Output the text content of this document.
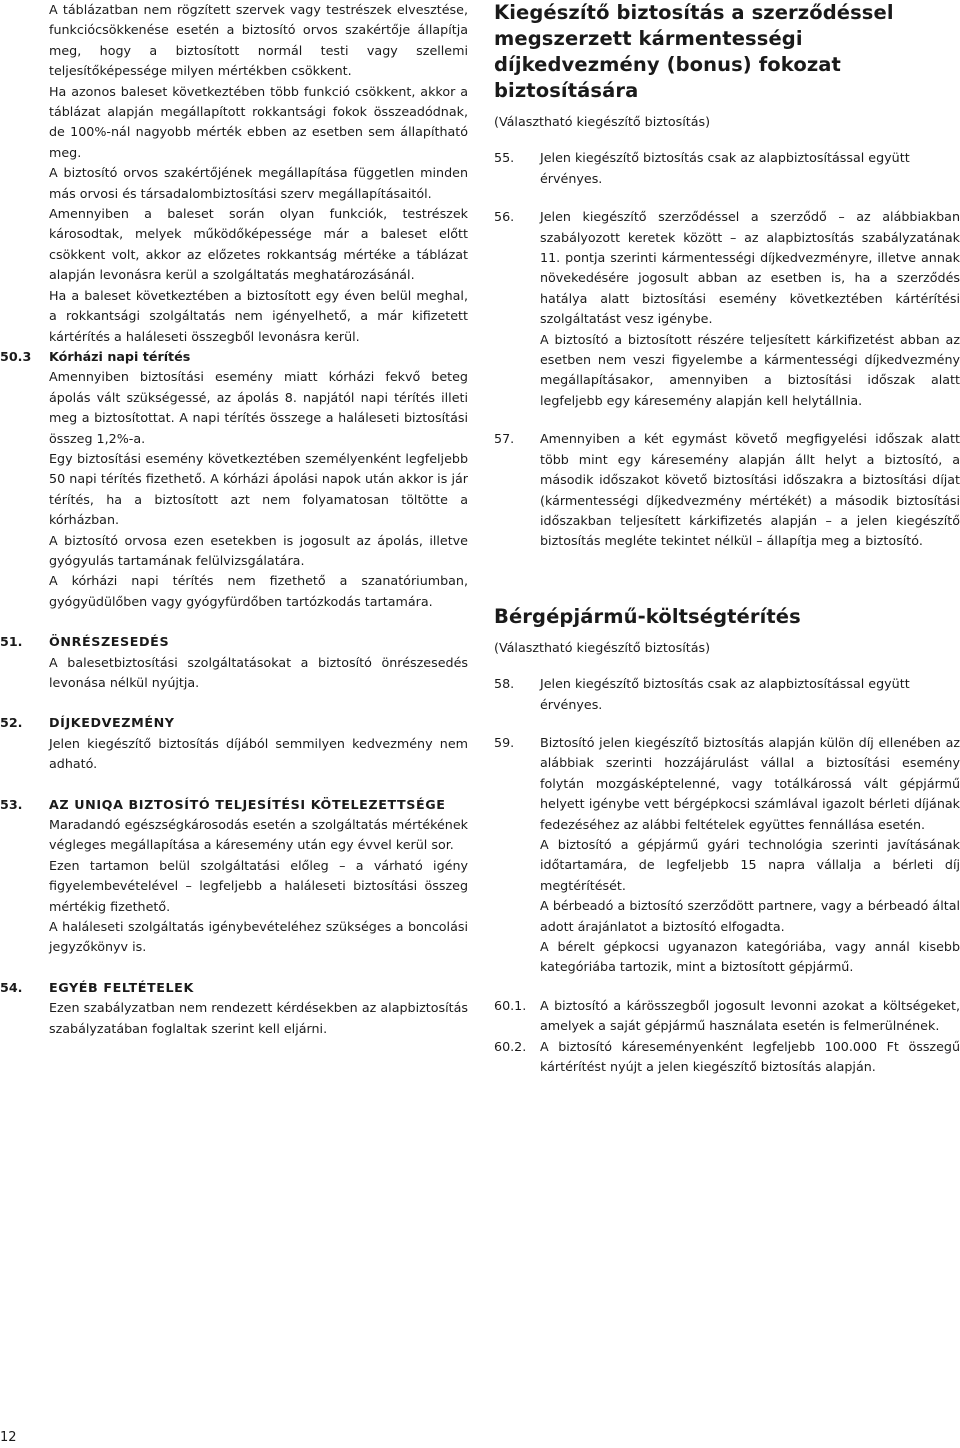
A táblázatban nem rögzített szervek vagy testrészek elvesztése, funkciócsökkenése esetén a biztosító orvos szakértője állapítja meg, hogy a biztosított normál testi vagy szellemi teljesítőképessége milyen mértékben csökkent.

Ha azonos baleset következtében több funkció csökkent, akkor a táblázat alapján megállapított rokkantsági fokok összeadódnak, de 100%-nál nagyobb mérték ebben az esetben sem állapítható meg.

A biztosító orvos szakértőjének megállapítása független minden más orvosi és társadalombiztosítási szerv megállapításaitól.

Amennyiben a baleset során olyan funkciók, testrészek károsodtak, melyek működőképessége már a baleset előtt csökkent volt, akkor az előzetes rokkantság mértéke a táblázat alapján levonásra kerül a szolgáltatás meghatározásánál.

Ha a baleset következtében a biztosított egy éven belül meghal, a rokkantsági szolgáltatás nem igényelhető, a már kifizetett kártérítés a haláleseti összegből levonásra kerül.

50.3	Kórházi napi térítés

Amennyiben biztosítási esemény miatt kórházi fekvő beteg ápolás vált szükségessé, az ápolás 8. napjától napi térítés illeti meg a biztosítottat. A napi térítés összege a haláleseti biztosítási összeg 1,2%-a.

Egy biztosítási esemény következtében személyenként legfeljebb 50 napi térítés fizethető. A kórházi ápolási napok után akkor is jár térítés, ha a biztosított azt nem folyamatosan töltötte a kórházban.

A biztosító orvosa ezen esetekben is jogosult az ápolás, illetve gyógyulás tartamának felülvizsgálatára.

A kórházi napi térítés nem fizethető a szanatóriumban, gyógyüdülőben vagy gyógyfürdőben tartózkodás tartamára.

51.	ÖNRÉSZESEDÉS

A balesetbiztosítási szolgáltatásokat a biztosító önrészesedés levonása nélkül nyújtja.

52.	DÍJKEDVEZMÉNY

Jelen kiegészítő biztosítás díjából semmilyen kedvezmény nem adható.

53.	AZ UNIQA BIZTOSÍTÓ TELJESÍTÉSI KÖTELEZETTSÉGE

Maradandó egészségkárosodás esetén a szolgáltatás mértékének végleges megállapítása a káresemény után egy évvel kerül sor.

Ezen tartamon belül szolgáltatási előleg – a várható igény figyelembevételével – legfeljebb a haláleseti biztosítási összeg mértékig fizethető.

A haláleseti szolgáltatás igénybevételéhez szükséges a boncolási jegyzőkönyv is.

54.	EGYÉB FELTÉTELEK

Ezen szabályzatban nem rendezett kérdésekben az alapbiztosítás szabályzatában foglaltak szerint kell eljárni.

Kiegészítő biztosítás a szerződéssel megszerzett kármentességi díjkedvezmény (bonus) fokozat biztosítására

(Választható kiegészítő biztosítás)

55.	Jelen kiegészítő biztosítás csak az alapbiztosítással együtt érvényes.

56.	Jelen kiegészítő szerződéssel a szerződő – az alábbiakban szabályozott keretek között – az alapbiztosítás szabályzatának 11. pontja szerinti kármentességi díjkedvezményre, illetve annak növekedésére jogosult abban az esetben is, ha a szerződés hatálya alatt biztosítási esemény következtében kártérítési szolgáltatást vesz igénybe.

A biztosító a biztosított részére teljesített kárkifizetést abban az esetben nem veszi figyelembe a kármentességi díjkedvezmény megállapításakor, amennyiben a biztosítási időszak alatt legfeljebb egy káresemény alapján kell helytállnia.

57.	Amennyiben a két egymást követő megfigyelési időszak alatt több mint egy káresemény alapján állt helyt a biztosító, a második időszakot követő biztosítási időszakra a biztosítási díjat (kármentességi díjkedvezmény mértékét) a második biztosítási időszakban teljesített kárkifizetés alapján – a jelen kiegészítő biztosítás megléte tekintet nélkül – állapítja meg a biztosító.

Bérgépjármű-költségtérítés

(Választható kiegészítő biztosítás)

58.	Jelen kiegészítő biztosítás csak az alapbiztosítással együtt érvényes.

59.	Biztosító jelen kiegészítő biztosítás alapján külön díj ellenében az alábbiak szerinti hozzájárulást vállal a biztosítási esemény folytán mozgásképtelenné, vagy totálkárossá vált gépjármű helyett igénybe vett bérgépkocsi számlával igazolt bérleti díjának fedezéséhez az alábbi feltételek együttes fennállása esetén.

A biztosító a gépjármű gyári technológia szerinti javításának időtartamára, de legfeljebb 15 napra vállalja a bérleti díj megtérítését.

A bérbeadó a biztosító szerződött partnere, vagy a bérbeadó által adott árajánlatot a biztosító elfogadta.

A bérelt gépkocsi ugyanazon kategóriába, vagy annál kisebb kategóriába tartozik, mint a biztosított gépjármű.

60.1.	A biztosító a kárösszegből jogosult levonni azokat a költségeket, amelyek a saját gépjármű használata esetén is felmerülnének.

60.2.	A biztosító káreseményenként legfeljebb 100.000 Ft összegű kártérítést nyújt a jelen kiegészítő biztosítás alapján.

12
